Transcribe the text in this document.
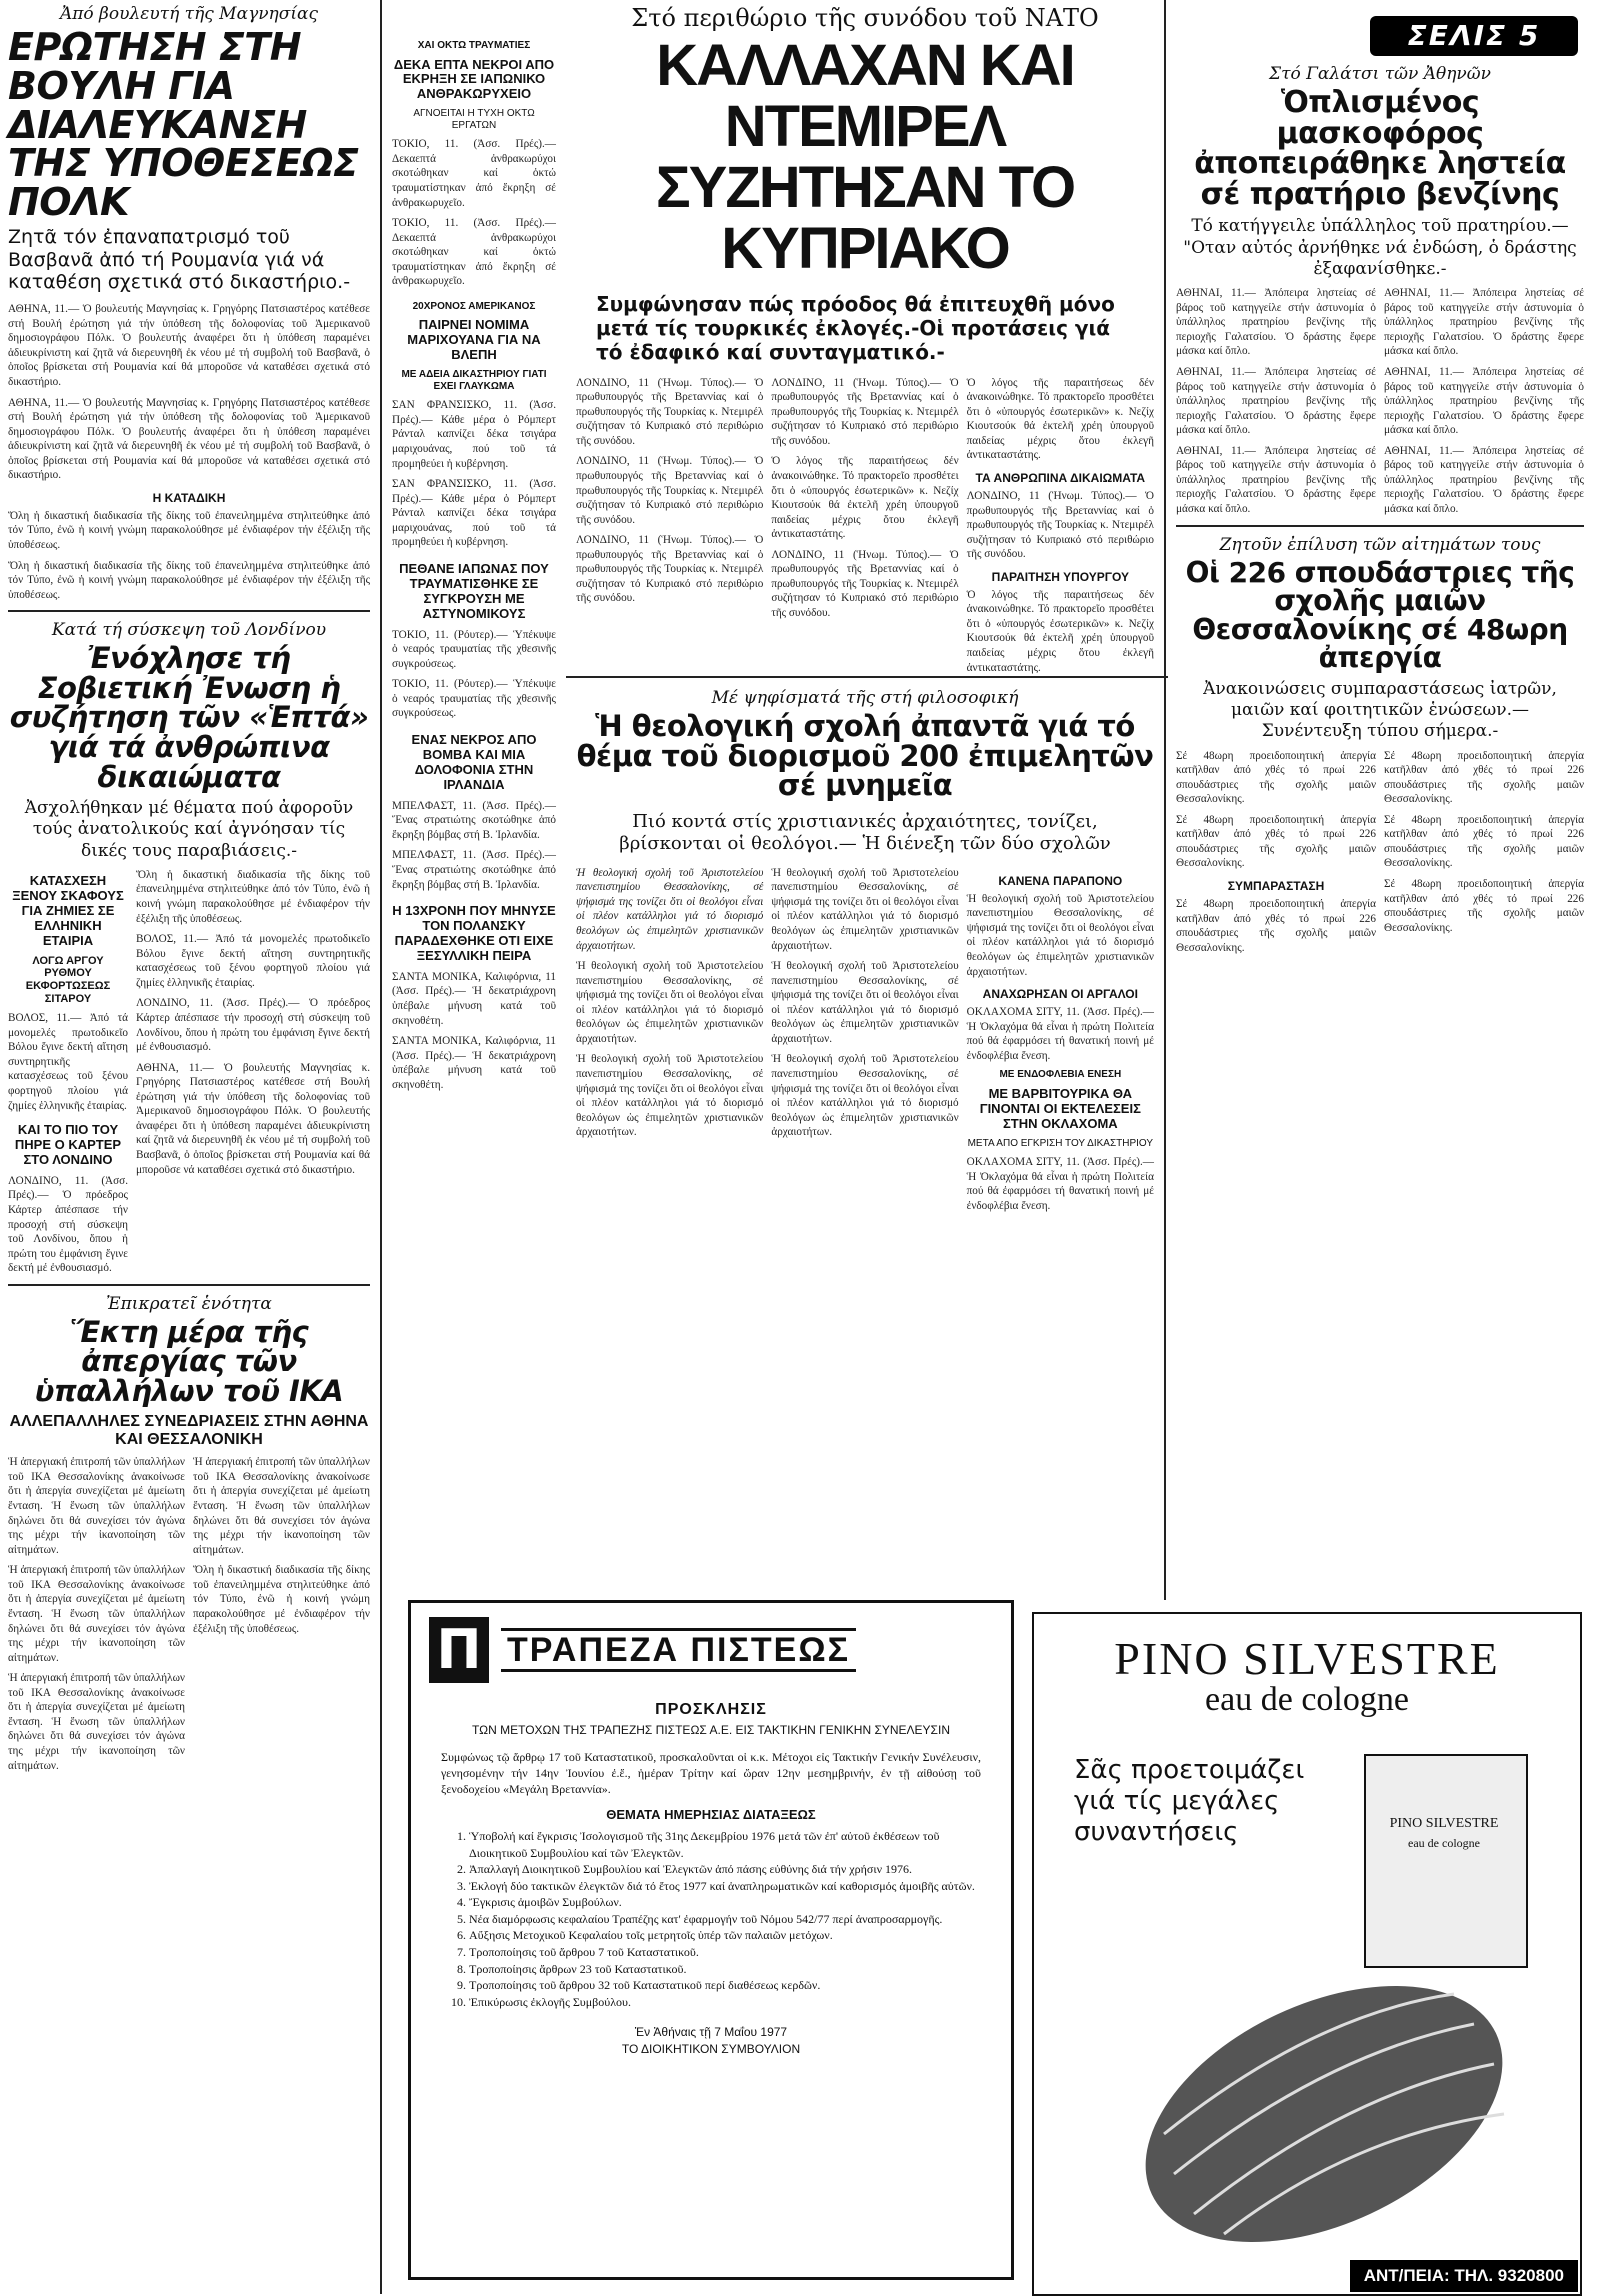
ΣΕΛΙΣ 5
Ἀπό βουλευτή τῆς Μαγνησίας
ΕΡΩΤΗΣΗ ΣΤΗ ΒΟΥΛΗ ΓΙΑ ΔΙΑΛΕΥΚΑΝΣΗ ΤΗΣ ΥΠΟΘΕΣΕΩΣ ΠΟΛΚ
Ζητᾶ τόν ἐπαναπατρισμό τοῦ Βασβανᾶ ἀπό τή Ρουμανία γιά νά καταθέση σχετικά στό δικαστήριο.-

ΑΘΗΝΑ, 11.— Ὁ βουλευτής Μαγνησίας κ. Γρηγόρης Πατσιαστέρος κατέθεσε στή Βουλή ἐρώτηση γιά τήν ὑπόθεση τῆς δολοφονίας τοῦ Ἀμερικανοῦ δημοσιογράφου Πόλκ. Ὁ βουλευτής ἀναφέρει ὅτι ἡ ὑπόθεση παραμένει ἀδιευκρίνιστη καί ζητᾶ νά διερευνηθῆ ἐκ νέου μέ τή συμβολή τοῦ Βασβανᾶ, ὁ ὁποῖος βρίσκεται στή Ρουμανία καί θά μποροῦσε νά καταθέσει σχετικά στό δικαστήριο.

ΑΘΗΝΑ, 11.— Ὁ βουλευτής Μαγνησίας κ. Γρηγόρης Πατσιαστέρος κατέθεσε στή Βουλή ἐρώτηση γιά τήν ὑπόθεση τῆς δολοφονίας τοῦ Ἀμερικανοῦ δημοσιογράφου Πόλκ. Ὁ βουλευτής ἀναφέρει ὅτι ἡ ὑπόθεση παραμένει ἀδιευκρίνιστη καί ζητᾶ νά διερευνηθῆ ἐκ νέου μέ τή συμβολή τοῦ Βασβανᾶ, ὁ ὁποῖος βρίσκεται στή Ρουμανία καί θά μποροῦσε νά καταθέσει σχετικά στό δικαστήριο.

Η ΚΑΤΑΔΙΚΗ

Ὅλη ἡ δικαστική διαδικασία τῆς δίκης τοῦ ἐπανειλημμένα στηλιτεύθηκε ἀπό τόν Τύπο, ἐνῶ ἡ κοινή γνώμη παρακολούθησε μέ ἐνδιαφέρον τήν ἐξέλιξη τῆς ὑποθέσεως.

Ὅλη ἡ δικαστική διαδικασία τῆς δίκης τοῦ ἐπανειλημμένα στηλιτεύθηκε ἀπό τόν Τύπο, ἐνῶ ἡ κοινή γνώμη παρακολούθησε μέ ἐνδιαφέρον τήν ἐξέλιξη τῆς ὑποθέσεως.

Κατά τή σύσκεψη τοῦ Λονδίνου
Ἐνόχλησε τή Σοβιετική Ἐνωση ἡ συζήτηση τῶν «Ἑπτά» γιά τά ἀνθρώπινα δικαιώματα
Ἀσχολήθηκαν μέ θέματα πού ἀφοροῦν τούς ἀνατολικούς καί ἀγνόησαν τίς δικές τους παραβιάσεις.-
ΚΑΤΑΣΧΕΣΗ ΞΕΝΟΥ ΣΚΑΦΟΥΣ ΓΙΑ ΖΗΜΙΕΣ ΣΕ ΕΛΛΗΝΙΚΗ ΕΤΑΙΡΙΑ
ΛΟΓΩ ΑΡΓΟΥ ΡΥΘΜΟΥ ΕΚΦΟΡΤΩΣΕΩΣ ΣΙΤΑΡΟΥ

ΒΟΛΟΣ, 11.— Ἀπό τά μονομελές πρωτοδικεῖο Βόλου ἔγινε δεκτή αἴτηση συντηρητικῆς κατασχέσεως τοῦ ξένου φορτηγοῦ πλοίου γιά ζημίες ἑλληνικῆς ἐταιρίας.

ΚΑΙ ΤΟ ΠΙΟ ΤΟΥ ΠΗΡΕ Ο ΚΑΡΤΕΡ ΣΤΟ ΛΟΝΔΙΝΟ

ΛΟΝΔΙΝΟ, 11. (Ἀσσ. Πρές).— Ὁ πρόεδρος Κάρτερ ἀπέσπασε τήν προσοχή στή σύσκεψη τοῦ Λονδίνου, ὅπου ἡ πρώτη του ἐμφάνιση ἔγινε δεκτή μέ ἐνθουσιασμό.

Ὅλη ἡ δικαστική διαδικασία τῆς δίκης τοῦ ἐπανειλημμένα στηλιτεύθηκε ἀπό τόν Τύπο, ἐνῶ ἡ κοινή γνώμη παρακολούθησε μέ ἐνδιαφέρον τήν ἐξέλιξη τῆς ὑποθέσεως.

ΒΟΛΟΣ, 11.— Ἀπό τά μονομελές πρωτοδικεῖο Βόλου ἔγινε δεκτή αἴτηση συντηρητικῆς κατασχέσεως τοῦ ξένου φορτηγοῦ πλοίου γιά ζημίες ἑλληνικῆς ἐταιρίας.

ΛΟΝΔΙΝΟ, 11. (Ἀσσ. Πρές).— Ὁ πρόεδρος Κάρτερ ἀπέσπασε τήν προσοχή στή σύσκεψη τοῦ Λονδίνου, ὅπου ἡ πρώτη του ἐμφάνιση ἔγινε δεκτή μέ ἐνθουσιασμό.

ΑΘΗΝΑ, 11.— Ὁ βουλευτής Μαγνησίας κ. Γρηγόρης Πατσιαστέρος κατέθεσε στή Βουλή ἐρώτηση γιά τήν ὑπόθεση τῆς δολοφονίας τοῦ Ἀμερικανοῦ δημοσιογράφου Πόλκ. Ὁ βουλευτής ἀναφέρει ὅτι ἡ ὑπόθεση παραμένει ἀδιευκρίνιστη καί ζητᾶ νά διερευνηθῆ ἐκ νέου μέ τή συμβολή τοῦ Βασβανᾶ, ὁ ὁποῖος βρίσκεται στή Ρουμανία καί θά μποροῦσε νά καταθέσει σχετικά στό δικαστήριο.

Ἐπικρατεῖ ἑνότητα
Ἕκτη μέρα τῆς ἀπεργίας τῶν ὑπαλλήλων τοῦ ΙΚΑ
ΑΛΛΕΠΑΛΛΗΛΕΣ ΣΥΝΕΔΡΙΑΣΕΙΣ ΣΤΗΝ ΑΘΗΝΑ ΚΑΙ ΘΕΣΣΑΛΟΝΙΚΗ

Ἡ ἀπεργιακή ἐπιτροπή τῶν ὑπαλλήλων τοῦ ΙΚΑ Θεσσαλονίκης ἀνακοίνωσε ὅτι ἡ ἀπεργία συνεχίζεται μέ ἀμείωτη ἔνταση. Ἡ ἕνωση τῶν ὑπαλλήλων δηλώνει ὅτι θά συνεχίσει τόν ἀγώνα της μέχρι τήν ἱκανοποίηση τῶν αἰτημάτων.

Ἡ ἀπεργιακή ἐπιτροπή τῶν ὑπαλλήλων τοῦ ΙΚΑ Θεσσαλονίκης ἀνακοίνωσε ὅτι ἡ ἀπεργία συνεχίζεται μέ ἀμείωτη ἔνταση. Ἡ ἕνωση τῶν ὑπαλλήλων δηλώνει ὅτι θά συνεχίσει τόν ἀγώνα της μέχρι τήν ἱκανοποίηση τῶν αἰτημάτων.

Ἡ ἀπεργιακή ἐπιτροπή τῶν ὑπαλλήλων τοῦ ΙΚΑ Θεσσαλονίκης ἀνακοίνωσε ὅτι ἡ ἀπεργία συνεχίζεται μέ ἀμείωτη ἔνταση. Ἡ ἕνωση τῶν ὑπαλλήλων δηλώνει ὅτι θά συνεχίσει τόν ἀγώνα της μέχρι τήν ἱκανοποίηση τῶν αἰτημάτων.

Ἡ ἀπεργιακή ἐπιτροπή τῶν ὑπαλλήλων τοῦ ΙΚΑ Θεσσαλονίκης ἀνακοίνωσε ὅτι ἡ ἀπεργία συνεχίζεται μέ ἀμείωτη ἔνταση. Ἡ ἕνωση τῶν ὑπαλλήλων δηλώνει ὅτι θά συνεχίσει τόν ἀγώνα της μέχρι τήν ἱκανοποίηση τῶν αἰτημάτων.

Ὅλη ἡ δικαστική διαδικασία τῆς δίκης τοῦ ἐπανειλημμένα στηλιτεύθηκε ἀπό τόν Τύπο, ἐνῶ ἡ κοινή γνώμη παρακολούθησε μέ ἐνδιαφέρον τήν ἐξέλιξη τῆς ὑποθέσεως.

ΧΑΙ ΟΚΤΩ ΤΡΑΥΜΑΤΙΕΣ
ΔΕΚΑ ΕΠΤΑ ΝΕΚΡΟΙ ΑΠΟ ΕΚΡΗΞΗ ΣΕ ΙΑΠΩΝΙΚΟ ΑΝΘΡΑΚΩΡΥΧΕΙΟ
ΑΓΝΟΕΙΤΑΙ Η ΤΥΧΗ ΟΚΤΩ ΕΡΓΑΤΩΝ

ΤΟΚΙΟ, 11. (Ἀσσ. Πρές).— Δεκαεπτά ἀνθρακωρύχοι σκοτώθηκαν καί ὀκτώ τραυματίστηκαν ἀπό ἔκρηξη σέ ἀνθρακωρυχεῖο.

ΤΟΚΙΟ, 11. (Ἀσσ. Πρές).— Δεκαεπτά ἀνθρακωρύχοι σκοτώθηκαν καί ὀκτώ τραυματίστηκαν ἀπό ἔκρηξη σέ ἀνθρακωρυχεῖο.

20ΧΡΟΝΟΣ ΑΜΕΡΙΚΑΝΟΣ
ΠΑΙΡΝΕΙ ΝΟΜΙΜΑ ΜΑΡΙΧΟΥΑΝΑ ΓΙΑ ΝΑ ΒΛΕΠΗ
ΜΕ ΑΔΕΙΑ ΔΙΚΑΣΤΗΡΙΟΥ ΓΙΑΤΙ ΕΧΕΙ ΓΛΑΥΚΩΜΑ

ΣΑΝ ΦΡΑΝΣΙΣΚΟ, 11. (Ἀσσ. Πρές).— Κάθε μέρα ὁ Ρόμπερτ Ράνταλ καπνίζει δέκα τσιγάρα μαριχουάνας, πού τοῦ τά προμηθεύει ἡ κυβέρνηση.

ΣΑΝ ΦΡΑΝΣΙΣΚΟ, 11. (Ἀσσ. Πρές).— Κάθε μέρα ὁ Ρόμπερτ Ράνταλ καπνίζει δέκα τσιγάρα μαριχουάνας, πού τοῦ τά προμηθεύει ἡ κυβέρνηση.

ΠΕΘΑΝΕ ΙΑΠΩΝΑΣ ΠΟΥ ΤΡΑΥΜΑΤΙΣΘΗΚΕ ΣΕ ΣΥΓΚΡΟΥΣΗ ΜΕ ΑΣΤΥΝΟΜΙΚΟΥΣ

ΤΟΚΙΟ, 11. (Ρόυτερ).— Ὑπέκυψε ὁ νεαρός τραυματίας τῆς χθεσινῆς συγκρούσεως.

ΤΟΚΙΟ, 11. (Ρόυτερ).— Ὑπέκυψε ὁ νεαρός τραυματίας τῆς χθεσινῆς συγκρούσεως.

ΕΝΑΣ ΝΕΚΡΟΣ ΑΠΟ ΒΟΜΒΑ ΚΑΙ ΜΙΑ ΔΟΛΟΦΟΝΙΑ ΣΤΗΝ ΙΡΛΑΝΔΙΑ

ΜΠΕΛΦΑΣΤ, 11. (Ἀσσ. Πρές).— Ἕνας στρατιώτης σκοτώθηκε ἀπό ἔκρηξη βόμβας στή Β. Ἰρλανδία.

ΜΠΕΛΦΑΣΤ, 11. (Ἀσσ. Πρές).— Ἕνας στρατιώτης σκοτώθηκε ἀπό ἔκρηξη βόμβας στή Β. Ἰρλανδία.

Η 13ΧΡΟΝΗ ΠΟΥ ΜΗΝΥΣΕ ΤΟΝ ΠΟΛΑΝΣΚΥ ΠΑΡΑΔΕΧΘΗΚΕ ΟΤΙ ΕΙΧΕ ΞΕΣΥΛΛΙΚΗ ΠΕΙΡΑ

ΣΑΝΤΑ ΜΟΝΙΚΑ, Καλιφόρνια, 11 (Ἀσσ. Πρές).— Ἡ δεκατριάχρονη ὑπέβαλε μήνυση κατά τοῦ σκηνοθέτη.

ΣΑΝΤΑ ΜΟΝΙΚΑ, Καλιφόρνια, 11 (Ἀσσ. Πρές).— Ἡ δεκατριάχρονη ὑπέβαλε μήνυση κατά τοῦ σκηνοθέτη.

Στό περιθώριο τῆς συνόδου τοῦ ΝΑΤΟ
ΚΑΛΛΑΧΑΝ ΚΑΙ ΝΤΕΜΙΡΕΛ ΣΥΖΗΤΗΣΑΝ ΤΟ ΚΥΠΡΙΑΚΟ
Συμφώνησαν πώς πρόοδος θά ἐπιτευχθῆ μόνο μετά τίς τουρκικές ἐκλογές.-Οἱ προτάσεις γιά τό ἐδαφικό καί συνταγματικό.-

ΛΟΝΔΙΝΟ, 11 (Ἡνωμ. Τύπος).— Ὁ πρωθυπουργός τῆς Βρεταννίας καί ὁ πρωθυπουργός τῆς Τουρκίας κ. Ντεμιρέλ συζήτησαν τό Κυπριακό στό περιθώριο τῆς συνόδου.

ΛΟΝΔΙΝΟ, 11 (Ἡνωμ. Τύπος).— Ὁ πρωθυπουργός τῆς Βρεταννίας καί ὁ πρωθυπουργός τῆς Τουρκίας κ. Ντεμιρέλ συζήτησαν τό Κυπριακό στό περιθώριο τῆς συνόδου.

ΛΟΝΔΙΝΟ, 11 (Ἡνωμ. Τύπος).— Ὁ πρωθυπουργός τῆς Βρεταννίας καί ὁ πρωθυπουργός τῆς Τουρκίας κ. Ντεμιρέλ συζήτησαν τό Κυπριακό στό περιθώριο τῆς συνόδου.

ΛΟΝΔΙΝΟ, 11 (Ἡνωμ. Τύπος).— Ὁ πρωθυπουργός τῆς Βρεταννίας καί ὁ πρωθυπουργός τῆς Τουρκίας κ. Ντεμιρέλ συζήτησαν τό Κυπριακό στό περιθώριο τῆς συνόδου.

Ὁ λόγος τῆς παραιτήσεως δέν ἀνακοινώθηκε. Τό πρακτορεῖο προσθέτει ὅτι ὁ «ὑπουργός ἐσωτερικῶν» κ. Νεζίχ Κιουτσούκ θά ἐκτελῆ χρέη ὑπουργοῦ παιδείας μέχρις ὅτου ἐκλεγῆ ἀντικαταστάτης.

ΛΟΝΔΙΝΟ, 11 (Ἡνωμ. Τύπος).— Ὁ πρωθυπουργός τῆς Βρεταννίας καί ὁ πρωθυπουργός τῆς Τουρκίας κ. Ντεμιρέλ συζήτησαν τό Κυπριακό στό περιθώριο τῆς συνόδου.

Ὁ λόγος τῆς παραιτήσεως δέν ἀνακοινώθηκε. Τό πρακτορεῖο προσθέτει ὅτι ὁ «ὑπουργός ἐσωτερικῶν» κ. Νεζίχ Κιουτσούκ θά ἐκτελῆ χρέη ὑπουργοῦ παιδείας μέχρις ὅτου ἐκλεγῆ ἀντικαταστάτης.

ΤΑ ΑΝΘΡΩΠΙΝΑ ΔΙΚΑΙΩΜΑΤΑ

ΛΟΝΔΙΝΟ, 11 (Ἡνωμ. Τύπος).— Ὁ πρωθυπουργός τῆς Βρεταννίας καί ὁ πρωθυπουργός τῆς Τουρκίας κ. Ντεμιρέλ συζήτησαν τό Κυπριακό στό περιθώριο τῆς συνόδου.

ΠΑΡΑΙΤΗΣΗ ΥΠΟΥΡΓΟΥ

Ὁ λόγος τῆς παραιτήσεως δέν ἀνακοινώθηκε. Τό πρακτορεῖο προσθέτει ὅτι ὁ «ὑπουργός ἐσωτερικῶν» κ. Νεζίχ Κιουτσούκ θά ἐκτελῆ χρέη ὑπουργοῦ παιδείας μέχρις ὅτου ἐκλεγῆ ἀντικαταστάτης.

Μέ ψηφίσματά τῆς στή φιλοσοφική
Ἡ θεολογική σχολή ἀπαντᾶ γιά τό θέμα τοῦ διορισμοῦ 200 ἐπιμελητῶν σέ μνημεῖα
Πιό κοντά στίς χριστιανικές ἀρχαιότητες, τονίζει, βρίσκονται οἱ θεολόγοι.— Ἡ διένεξη τῶν δύο σχολῶν

Ἡ θεολογική σχολή τοῦ Ἀριστοτελείου πανεπιστημίου Θεσσαλονίκης, σέ ψήφισμά της τονίζει ὅτι οἱ θεολόγοι εἶναι οἱ πλέον κατάλληλοι γιά τό διορισμό θεολόγων ὡς ἐπιμελητῶν χριστιανικῶν ἀρχαιοτήτων.

Ἡ θεολογική σχολή τοῦ Ἀριστοτελείου πανεπιστημίου Θεσσαλονίκης, σέ ψήφισμά της τονίζει ὅτι οἱ θεολόγοι εἶναι οἱ πλέον κατάλληλοι γιά τό διορισμό θεολόγων ὡς ἐπιμελητῶν χριστιανικῶν ἀρχαιοτήτων.

Ἡ θεολογική σχολή τοῦ Ἀριστοτελείου πανεπιστημίου Θεσσαλονίκης, σέ ψήφισμά της τονίζει ὅτι οἱ θεολόγοι εἶναι οἱ πλέον κατάλληλοι γιά τό διορισμό θεολόγων ὡς ἐπιμελητῶν χριστιανικῶν ἀρχαιοτήτων.

Ἡ θεολογική σχολή τοῦ Ἀριστοτελείου πανεπιστημίου Θεσσαλονίκης, σέ ψήφισμά της τονίζει ὅτι οἱ θεολόγοι εἶναι οἱ πλέον κατάλληλοι γιά τό διορισμό θεολόγων ὡς ἐπιμελητῶν χριστιανικῶν ἀρχαιοτήτων.

Ἡ θεολογική σχολή τοῦ Ἀριστοτελείου πανεπιστημίου Θεσσαλονίκης, σέ ψήφισμά της τονίζει ὅτι οἱ θεολόγοι εἶναι οἱ πλέον κατάλληλοι γιά τό διορισμό θεολόγων ὡς ἐπιμελητῶν χριστιανικῶν ἀρχαιοτήτων.

Ἡ θεολογική σχολή τοῦ Ἀριστοτελείου πανεπιστημίου Θεσσαλονίκης, σέ ψήφισμά της τονίζει ὅτι οἱ θεολόγοι εἶναι οἱ πλέον κατάλληλοι γιά τό διορισμό θεολόγων ὡς ἐπιμελητῶν χριστιανικῶν ἀρχαιοτήτων.

ΚΑΝΕΝΑ ΠΑΡΑΠΟΝΟ

Ἡ θεολογική σχολή τοῦ Ἀριστοτελείου πανεπιστημίου Θεσσαλονίκης, σέ ψήφισμά της τονίζει ὅτι οἱ θεολόγοι εἶναι οἱ πλέον κατάλληλοι γιά τό διορισμό θεολόγων ὡς ἐπιμελητῶν χριστιανικῶν ἀρχαιοτήτων.

ΑΝΑΧΩΡΗΣΑΝ ΟΙ ΑΡΓΑΛΟΙ

ΟΚΛΑΧΟΜΑ ΣΙΤΥ, 11. (Ἀσσ. Πρές).— Ἡ Ὀκλαχόμα θά εἶναι ἡ πρώτη Πολιτεία πού θά ἐφαρμόσει τή θανατική ποινή μέ ἐνδοφλέβια ἔνεση.

ΜΕ ΕΝΔΟΦΛΕΒΙΑ ΕΝΕΣΗ
ΜΕ ΒΑΡΒΙΤΟΥΡΙΚΑ ΘΑ ΓΙΝΟΝΤΑΙ ΟΙ ΕΚΤΕΛΕΣΕΙΣ ΣΤΗΝ ΟΚΛΑΧΟΜΑ
ΜΕΤΑ ΑΠΟ ΕΓΚΡΙΣΗ ΤΟΥ ΔΙΚΑΣΤΗΡΙΟΥ

ΟΚΛΑΧΟΜΑ ΣΙΤΥ, 11. (Ἀσσ. Πρές).— Ἡ Ὀκλαχόμα θά εἶναι ἡ πρώτη Πολιτεία πού θά ἐφαρμόσει τή θανατική ποινή μέ ἐνδοφλέβια ἔνεση.

Στό Γαλάτσι τῶν Ἀθηνῶν
Ὁπλισμένος μασκοφόρος ἀποπειράθηκε ληστεία σέ πρατήριο βενζίνης
Τό κατήγγειλε ὑπάλληλος τοῦ πρατηρίου.— "Οταν αὐτός ἀρνήθηκε νά ἐνδώση, ὁ δράστης ἐξαφανίσθηκε.-

ΑΘΗΝΑΙ, 11.— Ἀπόπειρα ληστείας σέ βάρος τοῦ κατηγγείλε στήν ἀστυνομία ὁ ὑπάλληλος πρατηρίου βενζίνης τῆς περιοχῆς Γαλατσίου. Ὁ δράστης ἔφερε μάσκα καί ὅπλο.

ΑΘΗΝΑΙ, 11.— Ἀπόπειρα ληστείας σέ βάρος τοῦ κατηγγείλε στήν ἀστυνομία ὁ ὑπάλληλος πρατηρίου βενζίνης τῆς περιοχῆς Γαλατσίου. Ὁ δράστης ἔφερε μάσκα καί ὅπλο.

ΑΘΗΝΑΙ, 11.— Ἀπόπειρα ληστείας σέ βάρος τοῦ κατηγγείλε στήν ἀστυνομία ὁ ὑπάλληλος πρατηρίου βενζίνης τῆς περιοχῆς Γαλατσίου. Ὁ δράστης ἔφερε μάσκα καί ὅπλο.

ΑΘΗΝΑΙ, 11.— Ἀπόπειρα ληστείας σέ βάρος τοῦ κατηγγείλε στήν ἀστυνομία ὁ ὑπάλληλος πρατηρίου βενζίνης τῆς περιοχῆς Γαλατσίου. Ὁ δράστης ἔφερε μάσκα καί ὅπλο.

ΑΘΗΝΑΙ, 11.— Ἀπόπειρα ληστείας σέ βάρος τοῦ κατηγγείλε στήν ἀστυνομία ὁ ὑπάλληλος πρατηρίου βενζίνης τῆς περιοχῆς Γαλατσίου. Ὁ δράστης ἔφερε μάσκα καί ὅπλο.

ΑΘΗΝΑΙ, 11.— Ἀπόπειρα ληστείας σέ βάρος τοῦ κατηγγείλε στήν ἀστυνομία ὁ ὑπάλληλος πρατηρίου βενζίνης τῆς περιοχῆς Γαλατσίου. Ὁ δράστης ἔφερε μάσκα καί ὅπλο.

Ζητοῦν ἐπίλυση τῶν αἰτημάτων τους
Οἱ 226 σπουδάστριες τῆς σχολῆς μαιῶν Θεσσαλονίκης σέ 48ωρη ἀπεργία
Ἀνακοινώσεις συμπαραστάσεως ἰατρῶν, μαιῶν καί φοιτητικῶν ἑνώσεων.— Συνέντευξη τύπου σήμερα.-

Σέ 48ωρη προειδοποιητική ἀπεργία κατῆλθαν ἀπό χθές τό πρωί 226 σπουδάστριες τῆς σχολῆς μαιῶν Θεσσαλονίκης.

Σέ 48ωρη προειδοποιητική ἀπεργία κατῆλθαν ἀπό χθές τό πρωί 226 σπουδάστριες τῆς σχολῆς μαιῶν Θεσσαλονίκης.

ΣΥΜΠΑΡΑΣΤΑΣΗ

Σέ 48ωρη προειδοποιητική ἀπεργία κατῆλθαν ἀπό χθές τό πρωί 226 σπουδάστριες τῆς σχολῆς μαιῶν Θεσσαλονίκης.

Σέ 48ωρη προειδοποιητική ἀπεργία κατῆλθαν ἀπό χθές τό πρωί 226 σπουδάστριες τῆς σχολῆς μαιῶν Θεσσαλονίκης.

Σέ 48ωρη προειδοποιητική ἀπεργία κατῆλθαν ἀπό χθές τό πρωί 226 σπουδάστριες τῆς σχολῆς μαιῶν Θεσσαλονίκης.

Σέ 48ωρη προειδοποιητική ἀπεργία κατῆλθαν ἀπό χθές τό πρωί 226 σπουδάστριες τῆς σχολῆς μαιῶν Θεσσαλονίκης.

Π ΤΡΑΠΕΖΑ ΠΙΣΤΕΩΣ
ΠΡΟΣΚΛΗΣΙΣ
ΤΩΝ ΜΕΤΟΧΩΝ ΤΗΣ ΤΡΑΠΕΖΗΣ ΠΙΣΤΕΩΣ Α.Ε. ΕΙΣ ΤΑΚΤΙΚΗΝ ΓΕΝΙΚΗΝ ΣΥΝΕΛΕΥΣΙΝ
Συμφώνως τῷ ἄρθρῳ 17 τοῦ Καταστατικοῦ, προσκαλοῦνται οἱ κ.κ. Μέτοχοι εἰς Τακτικήν Γενικήν Συνέλευσιν, γενησομένην τήν 14ην Ἰουνίου ἐ.ἔ., ἡμέραν Τρίτην καί ὥραν 12ην μεσημβρινήν, ἐν τῇ αἰθούσῃ τοῦ ξενοδοχείου «Μεγάλη Βρεταννία».
ΘΕΜΑΤΑ ΗΜΕΡΗΣΙΑΣ ΔΙΑΤΑΞΕΩΣ
1. Ὑποβολή καί ἔγκρισις Ἰσολογισμοῦ τῆς 31ης Δεκεμβρίου 1976 μετά τῶν ἐπ' αὐτοῦ ἐκθέσεων τοῦ Διοικητικοῦ Συμβουλίου καί τῶν Ἐλεγκτῶν.
2. Ἀπαλλαγή Διοικητικοῦ Συμβουλίου καί Ἐλεγκτῶν ἀπό πάσης εὐθύνης διά τήν χρήσιν 1976.
3. Ἐκλογή δύο τακτικῶν ἐλεγκτῶν διά τό ἔτος 1977 καί ἀναπληρωματικῶν καί καθορισμός ἀμοιβῆς αὐτῶν.
4. Ἔγκρισις ἀμοιβῶν Συμβούλων.
5. Νέα διαμόρφωσις κεφαλαίου Τραπέζης κατ' ἐφαρμογήν τοῦ Νόμου 542/77 περί ἀναπροσαρμογῆς.
6. Αὔξησις Μετοχικοῦ Κεφαλαίου τοῖς μετρητοῖς ὑπέρ τῶν παλαιῶν μετόχων.
7. Τροποποίησις τοῦ ἄρθρου 7 τοῦ Καταστατικοῦ.
8. Τροποποίησις ἄρθρων 23 τοῦ Καταστατικοῦ.
9. Τροποποίησις τοῦ ἄρθρου 32 τοῦ Καταστατικοῦ περί διαθέσεως κερδῶν.
10. Ἐπικύρωσις ἐκλογῆς Συμβούλου.
Ἐν Ἀθήναις τῇ 7 Μαΐου 1977
ΤΟ ΔΙΟΙΚΗΤΙΚΟΝ ΣΥΜΒΟΥΛΙΟΝ
PINO SILVESTRE
eau de cologne
Σᾶς προετοιμάζει γιά τίς μεγάλες συναντήσεις	PINO SILVESTRE
eau de cologne
ΑΝΤ/ΠΕΙΑ: ΤΗΛ. 9320800
